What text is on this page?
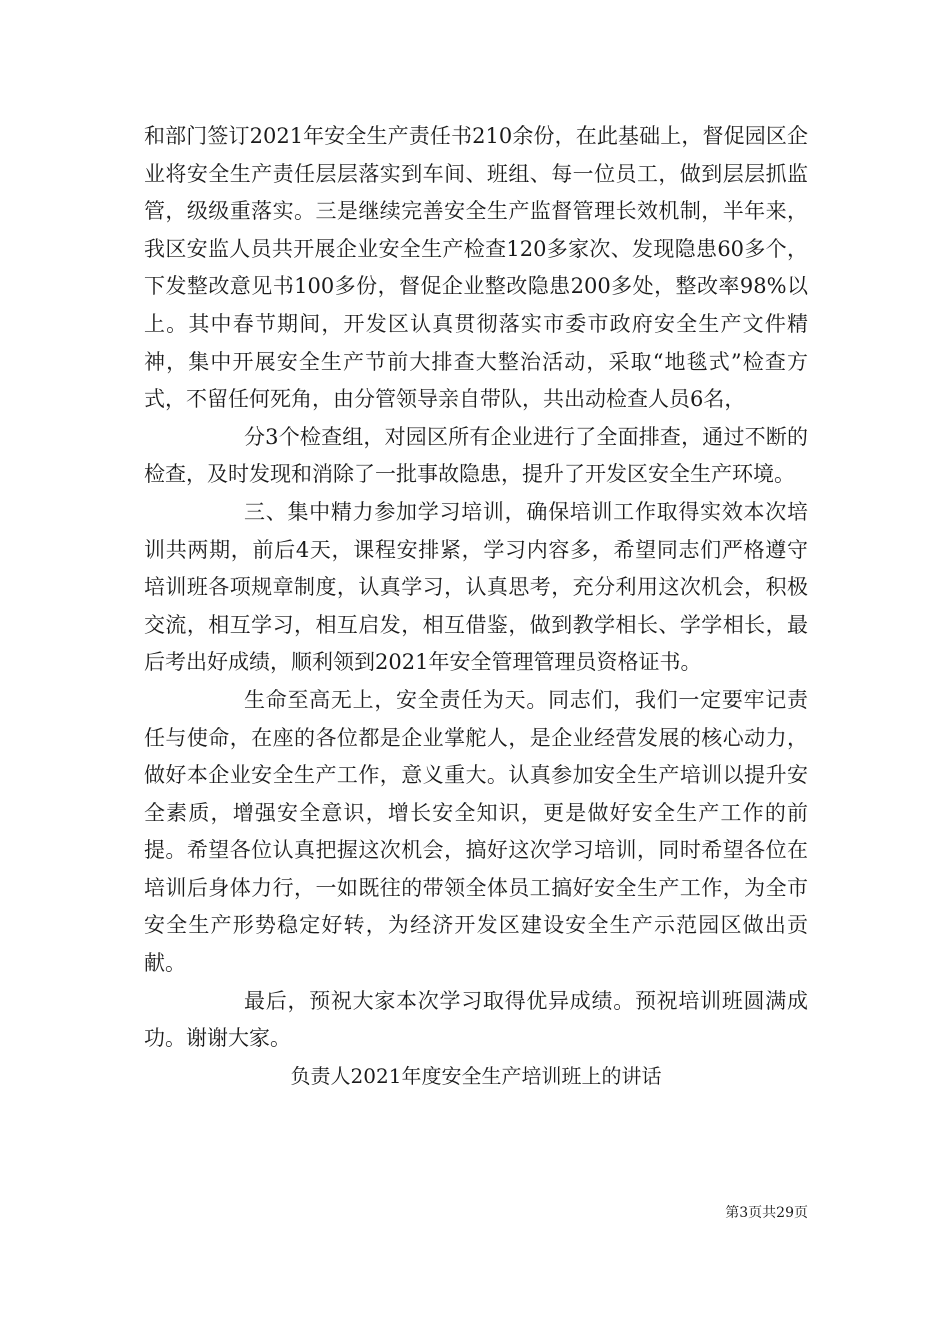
和部门签订2021年安全生产责任书210余份，在此基础上，督促园区企业将安全生产责任层层落实到车间、班组、每一位员工，做到层层抓监管，级级重落实。三是继续完善安全生产监督管理长效机制，半年来，我区安监人员共开展企业安全生产检查120多家次、发现隐患60多个，下发整改意见书100多份，督促企业整改隐患200多处，整改率98%以上。其中春节期间，开发区认真贯彻落实市委市政府安全生产文件精神，集中开展安全生产节前大排查大整治活动，采取“地毯式”检查方式，不留任何死角，由分管领导亲自带队，共出动检查人员6名，

分3个检查组，对园区所有企业进行了全面排查，通过不断的检查，及时发现和消除了一批事故隐患，提升了开发区安全生产环境。

三、集中精力参加学习培训，确保培训工作取得实效本次培训共两期，前后4天，课程安排紧，学习内容多，希望同志们严格遵守培训班各项规章制度，认真学习，认真思考，充分利用这次机会，积极交流，相互学习，相互启发，相互借鉴，做到教学相长、学学相长，最后考出好成绩，顺利领到2021年安全管理管理员资格证书。

生命至高无上，安全责任为天。同志们，我们一定要牢记责任与使命，在座的各位都是企业掌舵人，是企业经营发展的核心动力，做好本企业安全生产工作，意义重大。认真参加安全生产培训以提升安全素质，增强安全意识，增长安全知识，更是做好安全生产工作的前提。希望各位认真把握这次机会，搞好这次学习培训，同时希望各位在培训后身体力行，一如既往的带领全体员工搞好安全生产工作，为全市安全生产形势稳定好转，为经济开发区建设安全生产示范园区做出贡献。

最后，预祝大家本次学习取得优异成绩。预祝培训班圆满成功。谢谢大家。

负责人2021年度安全生产培训班上的讲话

第3页共29页
